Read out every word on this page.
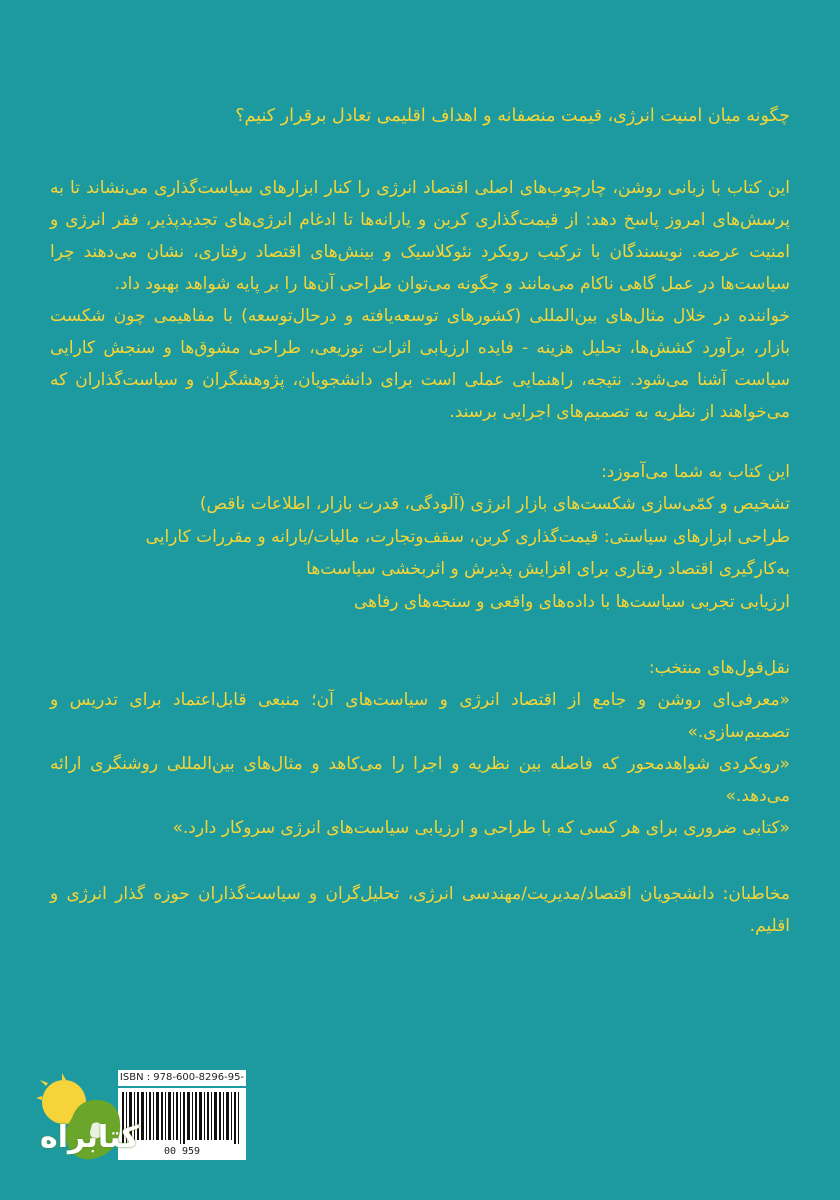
چگونه میان امنیت انرژی، قیمت منصفانه و اهداف اقلیمی تعادل برقرار کنیم؟

این کتاب با زبانی روشن، چارچوب‌های اصلی اقتصاد انرژی را کنار ابزارهای سیاست‌گذاری می‌نشاند تا به پرسش‌های امروز پاسخ دهد: از قیمت‌گذاری کربن و یارانه‌ها تا ادغام انرژی‌های تجدیدپذیر، فقر انرژی و امنیت عرضه. نویسندگان با ترکیب رویکرد نئوکلاسیک و بینش‌های اقتصاد رفتاری، نشان می‌دهند چرا سیاست‌ها در عمل گاهی ناکام می‌مانند و چگونه می‌توان طراحی آن‌ها را بر پایه شواهد بهبود داد.

خواننده در خلال مثال‌های بین‌المللی (کشورهای توسعه‌یافته و درحال‌توسعه) با مفاهیمی چون شکست بازار، برآورد کشش‌ها، تحلیل هزینه - فایده ارزیابی اثرات توزیعی، طراحی مشوق‌ها و سنجش کارایی سیاست آشنا می‌شود. نتیجه، راهنمایی عملی است برای دانشجویان، پژوهشگران و سیاست‌گذاران که می‌خواهند از نظریه به تصمیم‌های اجرایی برسند.

این کتاب به شما می‌آموزد:

تشخیص و کمّی‌سازی شکست‌های بازار انرژی (آلودگی، قدرت بازار، اطلاعات ناقص)
طراحی ابزارهای سیاستی: قیمت‌گذاری کربن، سقف‌وتجارت، مالیات/یارانه و مقررات کارایی
به‌کارگیری اقتصاد رفتاری برای افزایش پذیرش و اثربخشی سیاست‌ها
ارزیابی تجربی سیاست‌ها با داده‌های واقعی و سنجه‌های رفاهی

نقل‌قول‌های منتخب:

«معرفی‌ای روشن و جامع از اقتصاد انرژی و سیاست‌های آن؛ منبعی قابل‌اعتماد برای تدریس و تصمیم‌سازی.»

«رویکردی شواهدمحور که فاصله بین نظریه و اجرا را می‌کاهد و مثال‌های بین‌المللی روشنگری ارائه می‌دهد.»

«کتابی ضروری برای هر کسی که با طراحی و ارزیابی سیاست‌های انرژی سروکار دارد.»

مخاطبان: دانشجویان اقتصاد/مدیریت/مهندسی انرژی، تحلیل‌گران و سیاست‌گذاران حوزه گذار انرژی و اقلیم.

ISBN : 978-600-8296-95-
00 959
کتابراه
